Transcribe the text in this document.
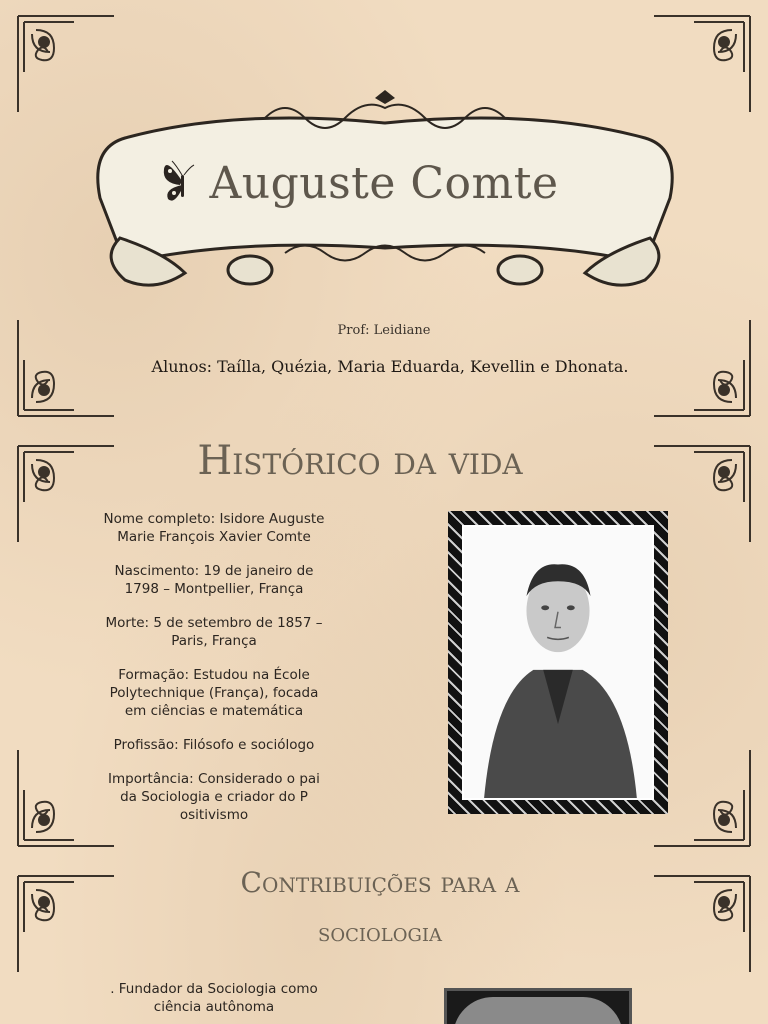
Auguste Comte
Prof: Leidiane
Alunos: Taílla, Quézia, Maria Eduarda, Kevellin e Dhonata.
Histórico da vida

Nome completo: Isidore Auguste Marie François Xavier Comte

Nascimento: 19 de janeiro de 1798 – Montpellier, França

Morte: 5 de setembro de 1857 – Paris, França

Formação: Estudou na École Polytechnique (França), focada em ciências e matemática

Profissão: Filósofo e sociólogo

Importância: Considerado o pai da Sociologia e criador do P ositivismo

Contribuições para a
sociologia

. Fundador da Sociologia como ciência autônoma
